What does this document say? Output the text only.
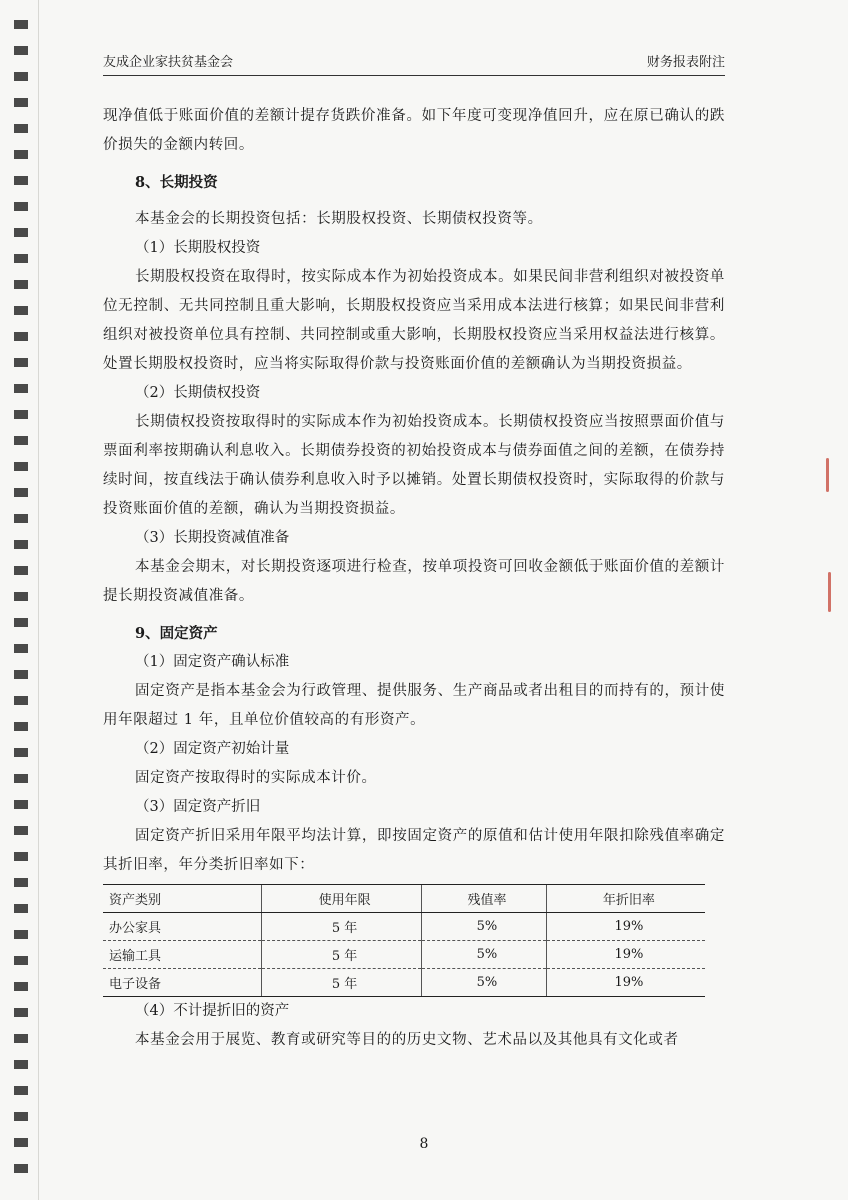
友成企业家扶贫基金会	财务报表附注

现净值低于账面价值的差额计提存货跌价准备。如下年度可变现净值回升，应在原已确认的跌价损失的金额内转回。

8、长期投资

本基金会的长期投资包括：长期股权投资、长期债权投资等。

（1）长期股权投资

长期股权投资在取得时，按实际成本作为初始投资成本。如果民间非营利组织对被投资单位无控制、无共同控制且重大影响，长期股权投资应当采用成本法进行核算；如果民间非营利组织对被投资单位具有控制、共同控制或重大影响，长期股权投资应当采用权益法进行核算。处置长期股权投资时，应当将实际取得价款与投资账面价值的差额确认为当期投资损益。

（2）长期债权投资

长期债权投资按取得时的实际成本作为初始投资成本。长期债权投资应当按照票面价值与票面利率按期确认利息收入。长期债券投资的初始投资成本与债券面值之间的差额，在债券持续时间，按直线法于确认债券利息收入时予以摊销。处置长期债权投资时，实际取得的价款与投资账面价值的差额，确认为当期投资损益。

（3）长期投资减值准备

本基金会期末，对长期投资逐项进行检查，按单项投资可回收金额低于账面价值的差额计提长期投资减值准备。

9、固定资产

（1）固定资产确认标准

固定资产是指本基金会为行政管理、提供服务、生产商品或者出租目的而持有的，预计使用年限超过 1 年，且单位价值较高的有形资产。

（2）固定资产初始计量

固定资产按取得时的实际成本计价。

（3）固定资产折旧

固定资产折旧采用年限平均法计算，即按固定资产的原值和估计使用年限扣除残值率确定其折旧率，年分类折旧率如下：

资产类别	使用年限	残值率	年折旧率
办公家具	5 年	5%	19%
运输工具	5 年	5%	19%
电子设备	5 年	5%	19%

（4）不计提折旧的资产

本基金会用于展览、教育或研究等目的的历史文物、艺术品以及其他具有文化或者

8
